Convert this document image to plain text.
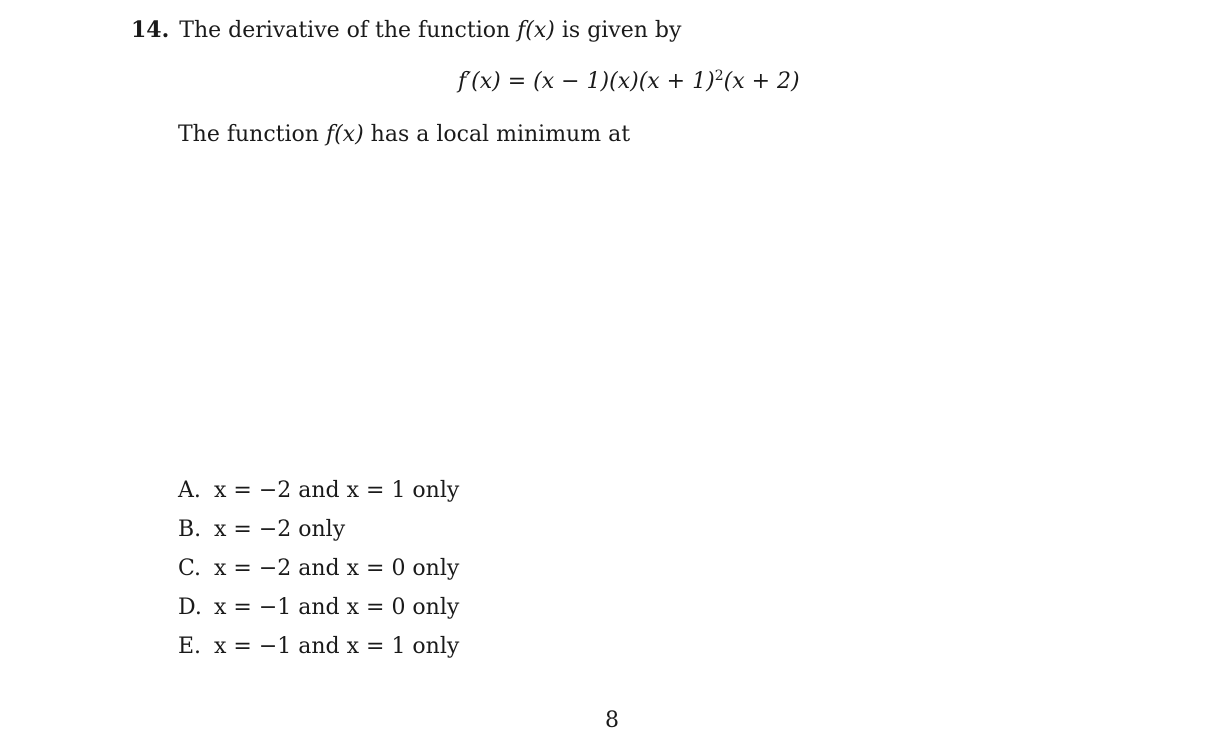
14. The derivative of the function f(x) is given by
$f'(x) = (x - 1)(x)(x + 1)^2(x + 2)$
The function f(x) has a local minimum at
A. x = −2 and x = 1 only
B. x = −2 only
C. x = −2 and x = 0 only
D. x = −1 and x = 0 only
E. x = −1 and x = 1 only
8
